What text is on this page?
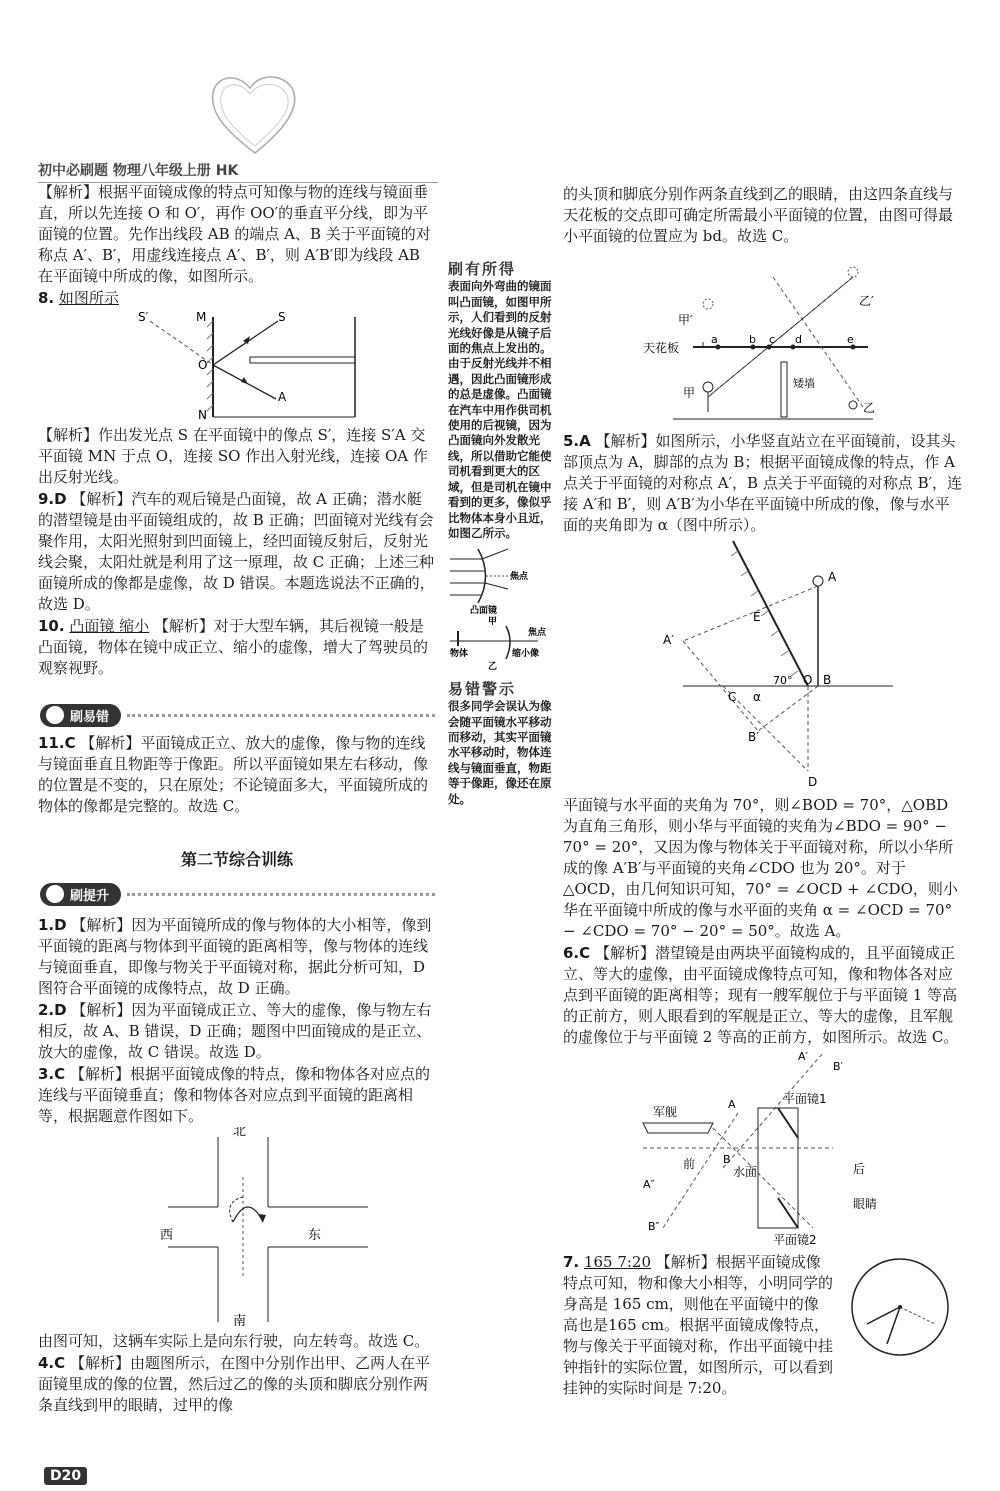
初中必刷题 物理八年级上册 HK

【解析】根据平面镜成像的特点可知像与物的连线与镜面垂直，所以先连接 O 和 O′，再作 OO′的垂直平分线，即为平面镜的位置。先作出线段 AB 的端点 A、B 关于平面镜的对称点 A′、B′，用虚线连接点 A′、B′，则 A′B′即为线段 AB 在平面镜中所成的像，如图所示。

8. 如图所示

S′	M	S
O
A
N

【解析】作出发光点 S 在平面镜中的像点 S′，连接 S′A 交平面镜 MN 于点 O，连接 SO 作出入射光线，连接 OA 作出反射光线。

9.D 【解析】汽车的观后镜是凸面镜，故 A 正确；潜水艇的潜望镜是由平面镜组成的，故 B 正确；凹面镜对光线有会聚作用，太阳光照射到凹面镜上，经凹面镜反射后，反射光线会聚，太阳灶就是利用了这一原理，故 C 正确；上述三种面镜所成的像都是虚像，故 D 错误。本题选说法不正确的，故选 D。

10. 凸面镜 缩小 【解析】对于大型车辆，其后视镜一般是凸面镜，物体在镜中成正立、缩小的虚像，增大了驾驶员的观察视野。

刷易错

11.C 【解析】平面镜成正立、放大的虚像，像与物的连线与镜面垂直且物距等于像距。所以平面镜如果左右移动，像的位置是不变的，只在原处；不论镜面多大，平面镜所成的物体的像都是完整的。故选 C。

第二节综合训练
刷提升

1.D 【解析】因为平面镜所成的像与物体的大小相等，像到平面镜的距离与物体到平面镜的距离相等，像与物体的连线与镜面垂直，即像与物关于平面镜对称，据此分析可知，D 图符合平面镜的成像特点，故 D 正确。

2.D 【解析】因为平面镜成正立、等大的虚像，像与物左右相反，故 A、B 错误，D 正确；题图中凹面镜成的是正立、放大的虚像，故 C 错误。故选 D。

3.C 【解析】根据平面镜成像的特点，像和物体各对应点的连线与平面镜垂直；像和物体各对应点到平面镜的距离相等，根据题意作图如下。

北
南
西	东

由图可知，这辆车实际上是向东行驶，向左转弯。故选 C。

4.C 【解析】由题图所示，在图中分别作出甲、乙两人在平面镜里成的像的位置，然后过乙的像的头顶和脚底分别作两条直线到甲的眼睛，过甲的像

D20
刷有所得
表面向外弯曲的镜面叫凸面镜，如图甲所示，人们看到的反射光线好像是从镜子后面的焦点上发出的。由于反射光线并不相遇，因此凸面镜形成的总是虚像。凸面镜在汽车中用作供司机使用的后视镜，因为凸面镜向外发散光线，所以借助它能使司机看到更大的区域，但是司机在镜中看到的更多，像似乎比物体本身小且近，如图乙所示。
焦点
凸面镜
甲
物体	缩小像
焦点
乙
易错警示
很多同学会误认为像会随平面镜水平移动而移动，其实平面镜水平移动时，物体连线与镜面垂直，物距等于像距，像还在原处。

的头顶和脚底分别作两条直线到乙的眼睛，由这四条直线与天花板的交点即可确定所需最小平面镜的位置，由图可得最小平面镜的位置应为 bd。故选 C。

甲′
乙′
天花板
a	b c d	e
甲
乙
矮墙

5.A 【解析】如图所示，小华竖直站立在平面镜前，设其头部顶点为 A，脚部的点为 B；根据平面镜成像的特点，作 A 点关于平面镜的对称点 A′，B 点关于平面镜的对称点 B′，连接 A′和 B′，则 A′B′为小华在平面镜中所成的像，像与水平面的夹角即为 α（图中所示）。

A
A′
E
70° O B
C α
B′
D

平面镜与水平面的夹角为 70°，则∠BOD = 70°，△OBD 为直角三角形，则小华与平面镜的夹角为∠BDO = 90° − 70° = 20°，又因为像与物体关于平面镜对称，所以小华所成的像 A′B′与平面镜的夹角∠CDO 也为 20°。对于△OCD，由几何知识可知，70° = ∠OCD + ∠CDO，则小华在平面镜中所成的像与水平面的夹角 α = ∠OCD = 70° − ∠CDO = 70° − 20° = 50°。故选 A。

6.C 【解析】潜望镜是由两块平面镜构成的，且平面镜成正立、等大的虚像，由平面镜成像特点可知，像和物体各对应点到平面镜的距离相等；现有一艘军舰位于与平面镜 1 等高的正前方，则人眼看到的军舰是正立、等大的虚像，且军舰的虚像位于与平面镜 2 等高的正前方，如图所示。故选 C。

A′
B′
军舰
A	平面镜1
前	B
水面	后
A″
眼睛
B″
平面镜2

7. 165 7:20 【解析】根据平面镜成像特点可知，物和像大小相等，小明同学的身高是 165 cm，则他在平面镜中的像高也是165 cm。根据平面镜成像特点，物与像关于平面镜对称，作出平面镜中挂钟指针的实际位置，如图所示，可以看到挂钟的实际时间是 7:20。
